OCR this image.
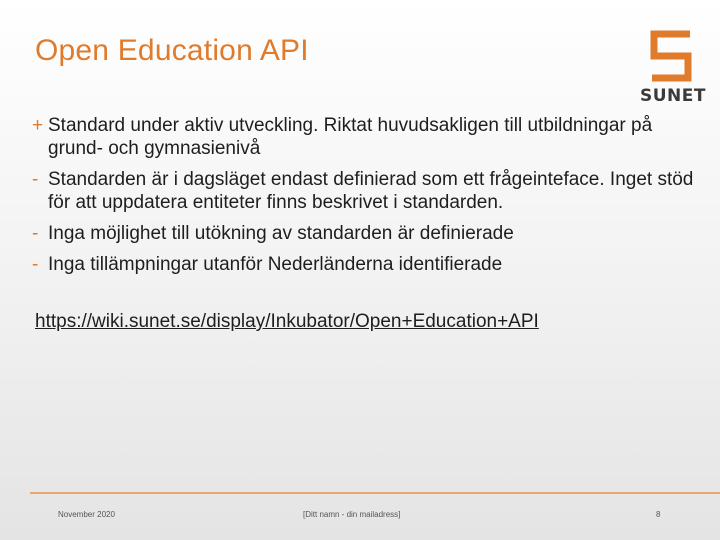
Open Education API
SUNET
+ Standard under aktiv utveckling. Riktat huvudsakligen till utbildningar på grund- och gymnasienivå
- Standarden är i dagsläget endast definierad som ett frågeinteface. Inget stöd för att uppdatera entiteter finns beskrivet i standarden.
- Inga möjlighet till utökning av standarden är definierade
- Inga tillämpningar utanför Nederländerna identifierade
https://wiki.sunet.se/display/Inkubator/Open+Education+API
November 2020	[Ditt namn - din mailadress]	8
